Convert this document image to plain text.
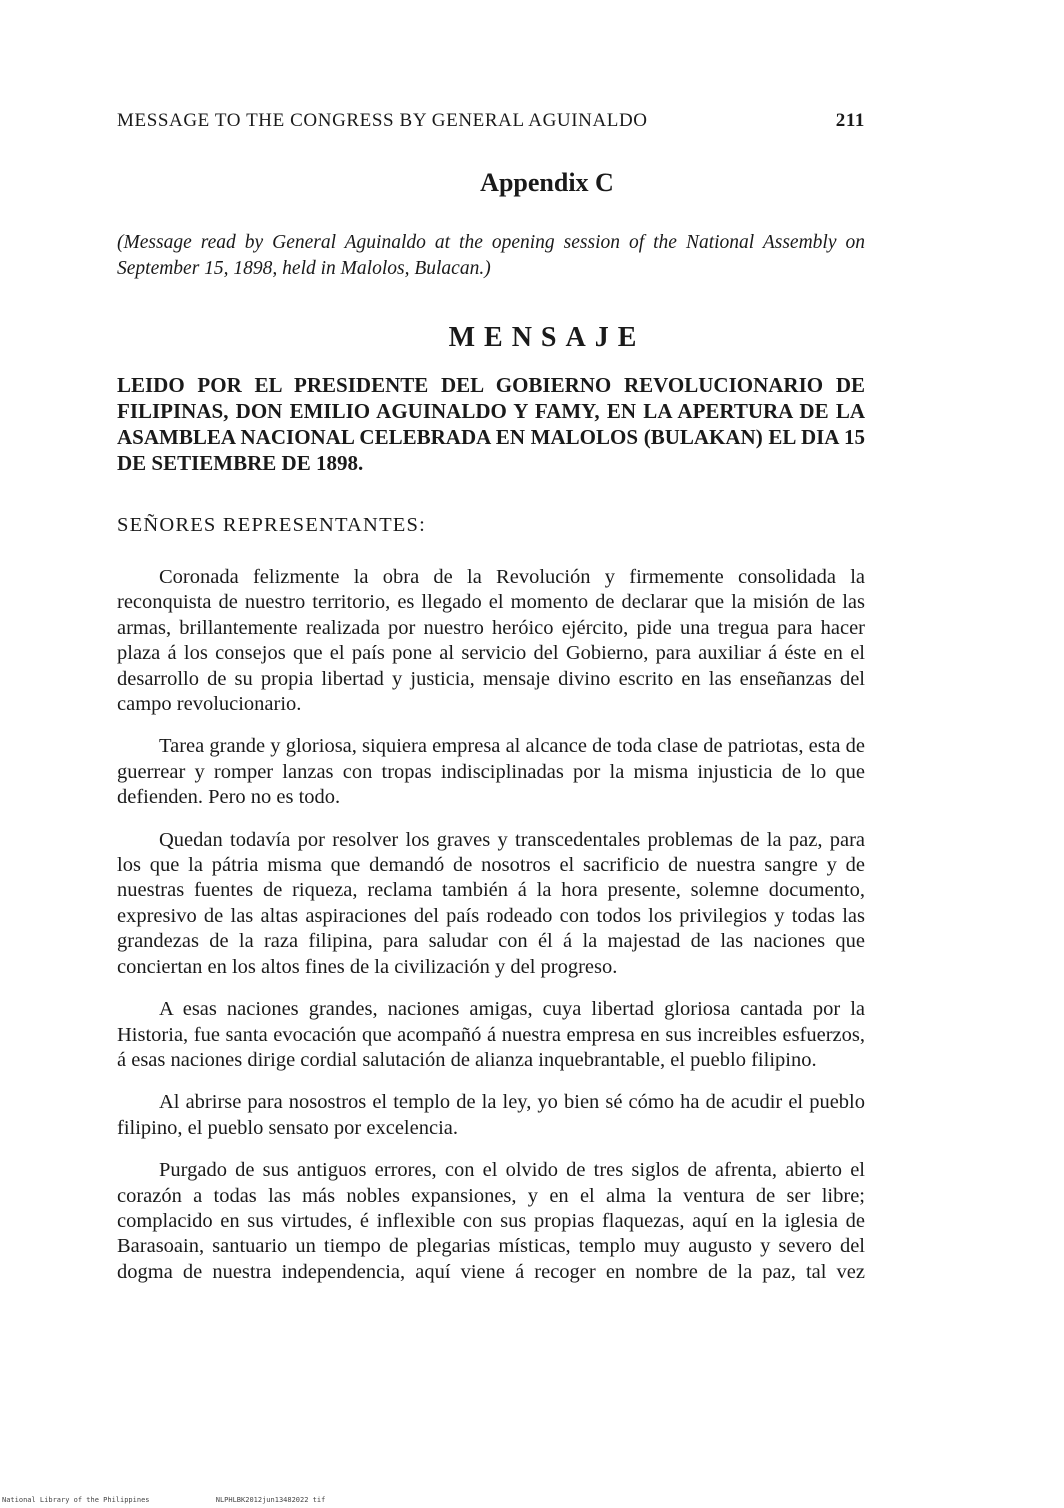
MESSAGE TO THE CONGRESS BY GENERAL AGUINALDO	211
Appendix C
(Message read by General Aguinaldo at the opening session of the National Assembly on September 15, 1898, held in Malolos, Bulacan.)
MENSAJE
LEIDO POR EL PRESIDENTE DEL GOBIERNO REVOLUCIONARIO DE FILIPINAS, DON EMILIO AGUINALDO Y FAMY, EN LA APERTURA DE LA ASAMBLEA NACIONAL CELEBRADA EN MALOLOS (BULAKAN) EL DIA 15 DE SETIEMBRE DE 1898.
SEÑORES REPRESENTANTES:

Coronada felizmente la obra de la Revolución y firmemente consolidada la reconquista de nuestro territorio, es llegado el momento de declarar que la misión de las armas, brillantemente realizada por nuestro heróico ejército, pide una tregua para hacer plaza á los consejos que el país pone al servicio del Gobierno, para auxiliar á éste en el desarrollo de su propia libertad y justicia, mensaje divino escrito en las enseñanzas del campo revolucionario.

Tarea grande y gloriosa, siquiera empresa al alcance de toda clase de patriotas, esta de guerrear y romper lanzas con tropas indisciplinadas por la misma injusticia de lo que defienden. Pero no es todo.

Quedan todavía por resolver los graves y transcedentales problemas de la paz, para los que la pátria misma que demandó de nosotros el sacrificio de nuestra sangre y de nuestras fuentes de riqueza, reclama también á la hora presente, solemne documento, expresivo de las altas aspiraciones del país rodeado con todos los privilegios y todas las grandezas de la raza filipina, para saludar con él á la majestad de las naciones que conciertan en los altos fines de la civilización y del progreso.

A esas naciones grandes, naciones amigas, cuya libertad gloriosa cantada por la Historia, fue santa evocación que acompañó á nuestra empresa en sus increibles esfuerzos, á esas naciones dirige cordial salutación de alianza inquebrantable, el pueblo filipino.

Al abrirse para nosostros el templo de la ley, yo bien sé cómo ha de acudir el pueblo filipino, el pueblo sensato por excelencia.

Purgado de sus antiguos errores, con el olvido de tres siglos de afrenta, abierto el corazón a todas las más nobles expansiones, y en el alma la ventura de ser libre; complacido en sus virtudes, é inflexible con sus propias flaquezas, aquí en la iglesia de Barasoain, santuario un tiempo de plegarias místicas, templo muy augusto y severo del dogma de nuestra independencia, aquí viene á recoger en nombre de la paz, tal vez

National Library of the Philippines	NLPHLBK2012jun13482022 tif
